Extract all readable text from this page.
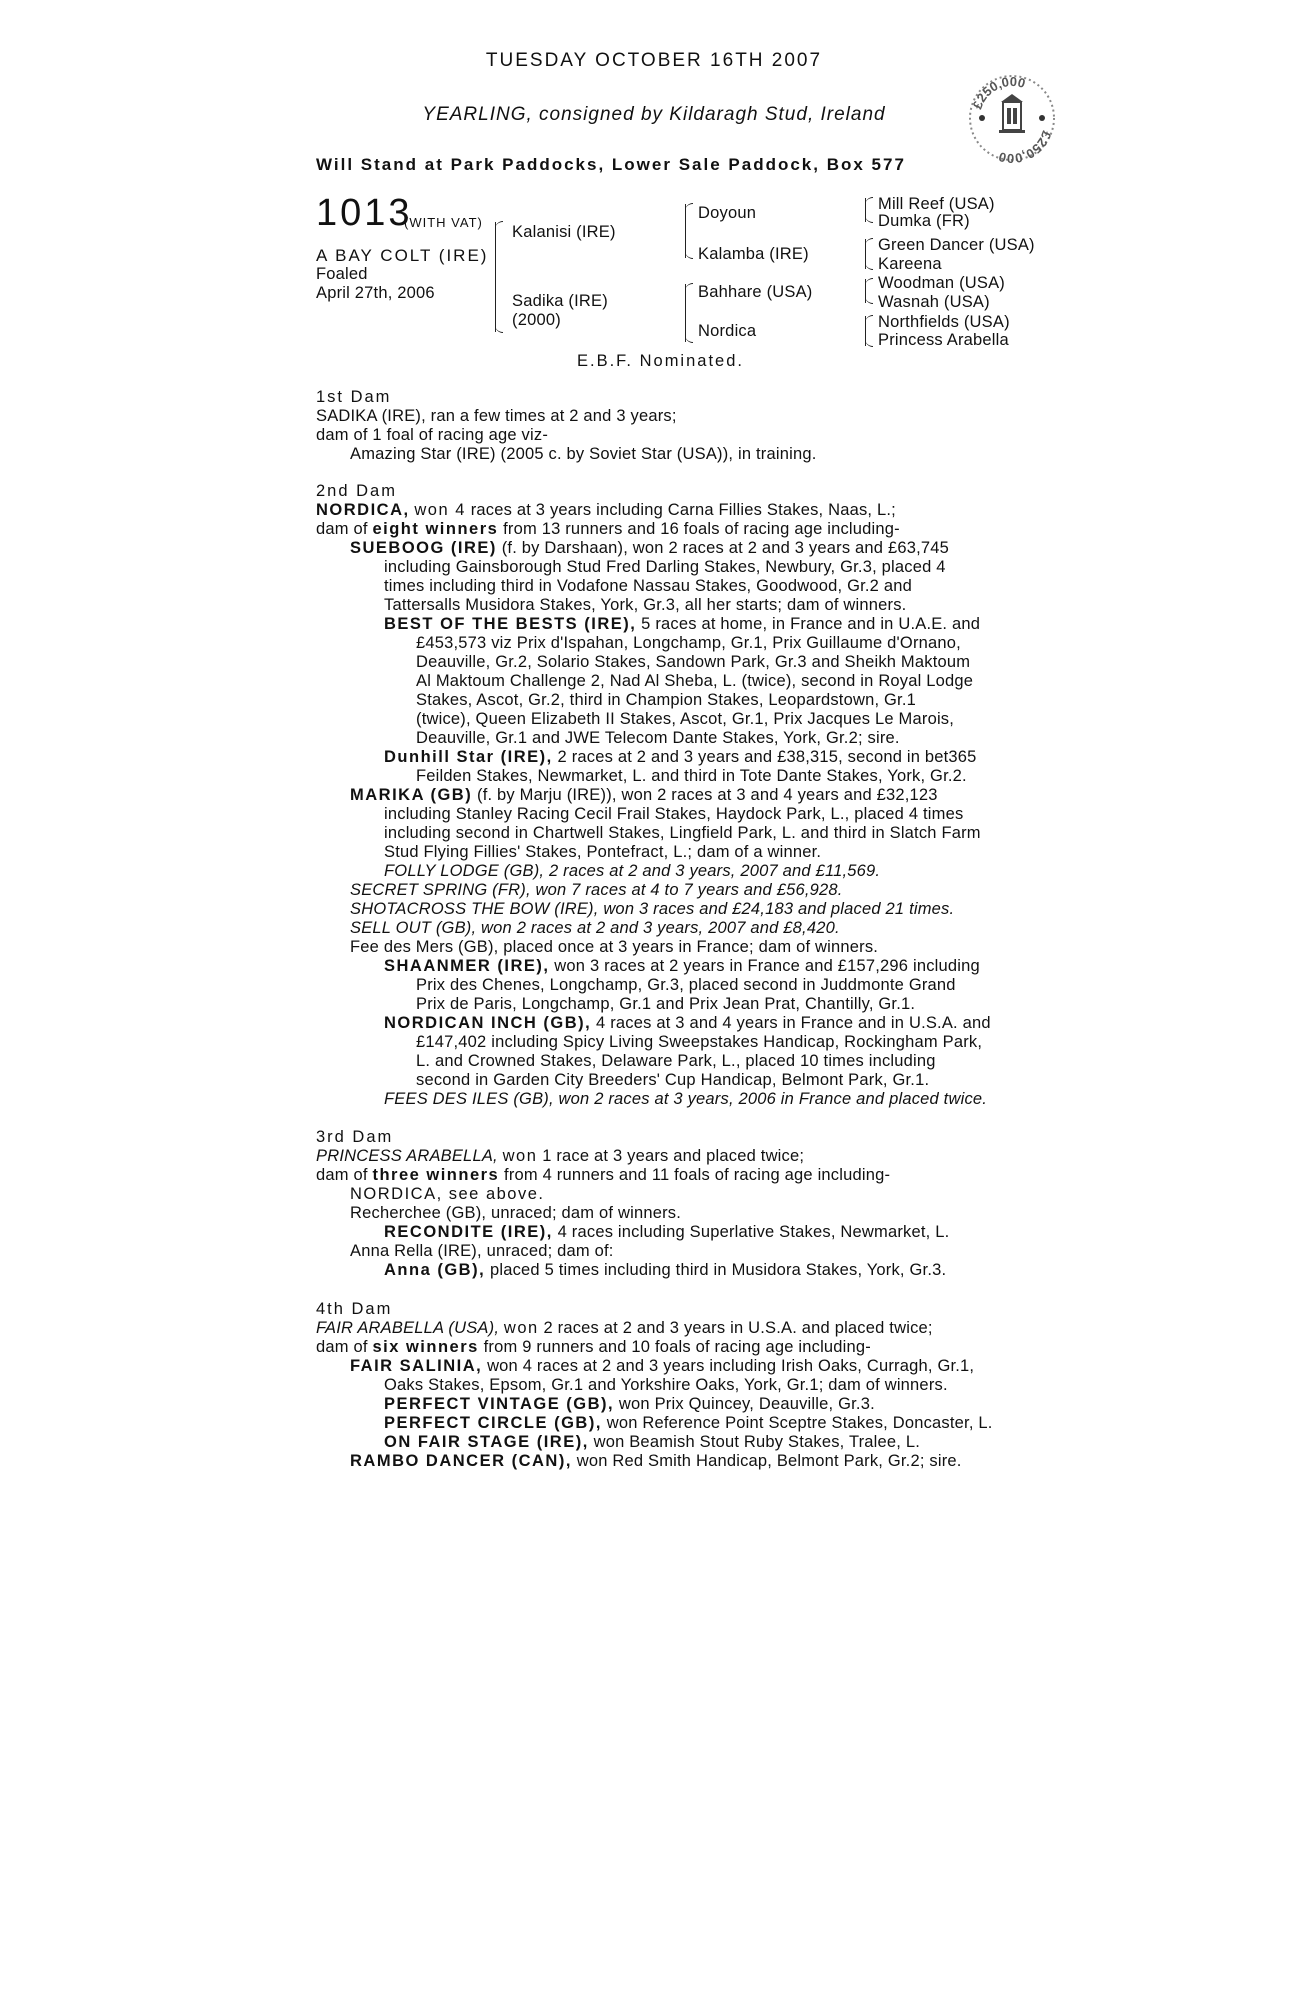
TUESDAY OCTOBER 16TH 2007
YEARLING, consigned by Kildaragh Stud, Ireland
Will Stand at Park Paddocks, Lower Sale Paddock, Box 577
£250,000
£250,000
1013
(WITH VAT)
A BAY COLT (IRE)
Foaled
April 27th, 2006
Kalanisi (IRE)
Sadika (IRE)
(2000)
Doyoun
Kalamba (IRE)
Bahhare (USA)
Nordica
Mill Reef (USA)
Dumka (FR)
Green Dancer (USA)
Kareena
Woodman (USA)
Wasnah (USA)
Northfields (USA)
Princess Arabella
E.B.F. Nominated.
1st Dam
SADIKA (IRE), ran a few times at 2 and 3 years;
dam of 1 foal of racing age viz-
Amazing Star (IRE) (2005 c. by Soviet Star (USA)), in training.
2nd Dam
NORDICA, won 4 races at 3 years including Carna Fillies Stakes, Naas, L.;
dam of eight winners from 13 runners and 16 foals of racing age including-
SUEBOOG (IRE) (f. by Darshaan), won 2 races at 2 and 3 years and £63,745
including Gainsborough Stud Fred Darling Stakes, Newbury, Gr.3, placed 4
times including third in Vodafone Nassau Stakes, Goodwood, Gr.2 and
Tattersalls Musidora Stakes, York, Gr.3, all her starts; dam of winners.
BEST OF THE BESTS (IRE), 5 races at home, in France and in U.A.E. and
£453,573 viz Prix d'Ispahan, Longchamp, Gr.1, Prix Guillaume d'Ornano,
Deauville, Gr.2, Solario Stakes, Sandown Park, Gr.3 and Sheikh Maktoum
Al Maktoum Challenge 2, Nad Al Sheba, L. (twice), second in Royal Lodge
Stakes, Ascot, Gr.2, third in Champion Stakes, Leopardstown, Gr.1
(twice), Queen Elizabeth II Stakes, Ascot, Gr.1, Prix Jacques Le Marois,
Deauville, Gr.1 and JWE Telecom Dante Stakes, York, Gr.2; sire.
Dunhill Star (IRE), 2 races at 2 and 3 years and £38,315, second in bet365
Feilden Stakes, Newmarket, L. and third in Tote Dante Stakes, York, Gr.2.
MARIKA (GB) (f. by Marju (IRE)), won 2 races at 3 and 4 years and £32,123
including Stanley Racing Cecil Frail Stakes, Haydock Park, L., placed 4 times
including second in Chartwell Stakes, Lingfield Park, L. and third in Slatch Farm
Stud Flying Fillies' Stakes, Pontefract, L.; dam of a winner.
FOLLY LODGE (GB), 2 races at 2 and 3 years, 2007 and £11,569.
SECRET SPRING (FR), won 7 races at 4 to 7 years and £56,928.
SHOTACROSS THE BOW (IRE), won 3 races and £24,183 and placed 21 times.
SELL OUT (GB), won 2 races at 2 and 3 years, 2007 and £8,420.
Fee des Mers (GB), placed once at 3 years in France; dam of winners.
SHAANMER (IRE), won 3 races at 2 years in France and £157,296 including
Prix des Chenes, Longchamp, Gr.3, placed second in Juddmonte Grand
Prix de Paris, Longchamp, Gr.1 and Prix Jean Prat, Chantilly, Gr.1.
NORDICAN INCH (GB), 4 races at 3 and 4 years in France and in U.S.A. and
£147,402 including Spicy Living Sweepstakes Handicap, Rockingham Park,
L. and Crowned Stakes, Delaware Park, L., placed 10 times including
second in Garden City Breeders' Cup Handicap, Belmont Park, Gr.1.
FEES DES ILES (GB), won 2 races at 3 years, 2006 in France and placed twice.
3rd Dam
PRINCESS ARABELLA, won 1 race at 3 years and placed twice;
dam of three winners from 4 runners and 11 foals of racing age including-
NORDICA, see above.
Recherchee (GB), unraced; dam of winners.
RECONDITE (IRE), 4 races including Superlative Stakes, Newmarket, L.
Anna Rella (IRE), unraced; dam of:
Anna (GB), placed 5 times including third in Musidora Stakes, York, Gr.3.
4th Dam
FAIR ARABELLA (USA), won 2 races at 2 and 3 years in U.S.A. and placed twice;
dam of six winners from 9 runners and 10 foals of racing age including-
FAIR SALINIA, won 4 races at 2 and 3 years including Irish Oaks, Curragh, Gr.1,
Oaks Stakes, Epsom, Gr.1 and Yorkshire Oaks, York, Gr.1; dam of winners.
PERFECT VINTAGE (GB), won Prix Quincey, Deauville, Gr.3.
PERFECT CIRCLE (GB), won Reference Point Sceptre Stakes, Doncaster, L.
ON FAIR STAGE (IRE), won Beamish Stout Ruby Stakes, Tralee, L.
RAMBO DANCER (CAN), won Red Smith Handicap, Belmont Park, Gr.2; sire.
